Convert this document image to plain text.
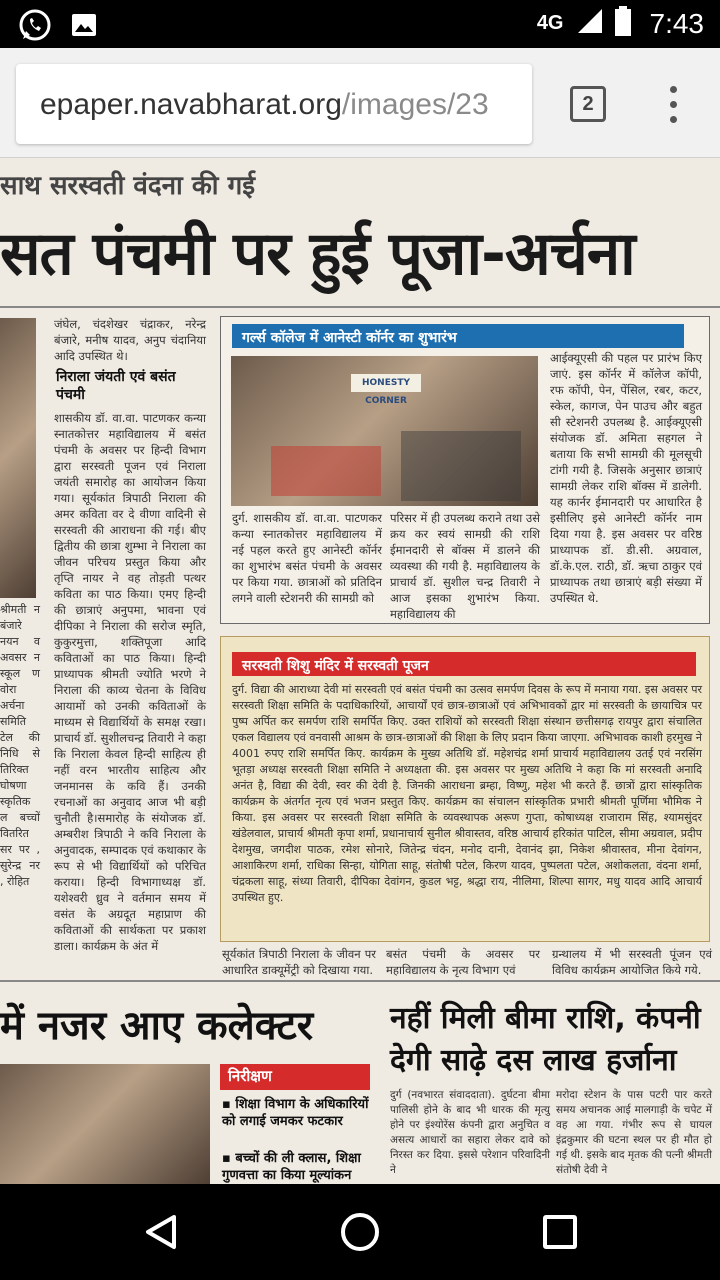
4G	7:43
epaper.navabharat.org/images/23	2
साथ सरस्वती वंदना की गई
सत पंचमी पर हुई पूजा-अर्चना
श्रीमती न बंजारे नयन व अवसर न स्कूल ण वोरा अर्चना समिति टेल की निधि से तिरिक्त घोषणा स्कृतिक ल बच्चों वितरित सर पर , सुरेन्द्र नर , रोहित
जंघेल, चंदशेखर चंद्राकर, नरेन्द्र बंजारे, मनीष यादव, अनुप चंदानिया आदि उपस्थित थे।
निराला जंयती एवं बसंत पंचमी
शासकीय डॉ. वा.वा. पाटणकर कन्या स्नातकोत्तर महाविद्यालय में बसंत पंचमी के अवसर पर हिन्दी विभाग द्वारा सरस्वती पूजन एवं निराला जयंती समारोह का आयोजन किया गया। सूर्यकांत त्रिपाठी निराला की अमर कविता वर दे वीणा वादिनी से सरस्वती की आराधना की गई। बीए द्वितीय की छात्रा शुम्भा ने निराला का जीवन परिचय प्रस्तुत किया और तृप्ति नायर ने वह तोड़ती पत्थर कविता का पाठ किया। एमए हिन्दी की छात्राएं अनुपमा, भावना एवं दीपिका ने निराला की सरोज स्मृति, कुकुरमुत्ता, शक्तिपूजा आदि कविताओं का पाठ किया। हिन्दी प्राध्यापक श्रीमती ज्योति भरणे ने निराला की काव्य चेतना के विविध आयामों को उनकी कविताओं के माध्यम से विद्यार्थियों के समक्ष रखा। प्राचार्य डॉ. सुशीलचन्द्र तिवारी ने कहा कि निराला केवल हिन्दी साहित्य ही नहीं वरन भारतीय साहित्य और जनमानस के कवि हैं। उनकी रचनाओं का अनुवाद आज भी बड़ी चुनौती है।समारोह के संयोजक डॉ. अम्बरीश त्रिपाठी ने कवि निराला के अनुवादक, सम्पादक एवं कथाकार के रूप से भी विद्यार्थियों को परिचित कराया। हिन्दी विभागाध्यक्ष डॉ. यशेश्वरी ध्रुव ने वर्तमान समय में वसंत के अग्रदूत महाप्राण की कविताओं की सार्थकता पर प्रकाश डाला। कार्यक्रम के अंत में
गर्ल्स कॉलेज में आनेस्टी कॉर्नर का शुभारंभ
HONESTY CORNER
आईक्यूएसी की पहल पर प्रारंभ किए जाएं. इस कॉर्नर में कॉलेज कॉपी, रफ कॉपी, पेन, पेंसिल, रबर, कटर, स्केल, कागज, पेन पाउच और बहुत सी स्टेशनरी उपलब्ध है. आईक्यूएसी संयोजक डॉ. अमिता सहगल ने बताया कि सभी सामग्री की मूलसूची टांगी गयी है. जिसके अनुसार छात्राएं सामग्री लेकर राशि बॉक्स में डालेगी. यह कार्नर ईमानदारी पर आधारित है इसीलिए इसे आनेस्टी कॉर्नर नाम दिया गया है. इस अवसर पर वरिष्ठ प्राध्यापक डॉ. डी.सी. अग्रवाल, डॉ.के.एल. राठी, डॉ. ऋचा ठाकुर एवं प्राध्यापक तथा छात्राएं बड़ी संख्या में उपस्थित थे.
दुर्ग. शासकीय डॉ. वा.वा. पाटणकर कन्या स्नातकोत्तर महाविद्यालय में नई पहल करते हुए आनेस्टी कॉर्नर का शुभारंभ बसंत पंचमी के अवसर पर किया गया. छात्राओं को प्रतिदिन लगने वाली स्टेशनरी की सामग्री को
परिसर में ही उपलब्ध कराने तथा उसे क्रय कर स्वयं सामग्री की राशि ईमानदारी से बॉक्स में डालने की व्यवस्था की गयी है. महाविद्यालय के प्राचार्य डॉ. सुशील चन्द्र तिवारी ने आज इसका शुभारंभ किया. महाविद्यालय की
सरस्वती शिशु मंदिर में सरस्वती पूजन
दुर्ग. विद्या की आराध्या देवी मां सरस्वती एवं बसंत पंचमी का उत्सव समर्पण दिवस के रूप में मनाया गया. इस अवसर पर सरस्वती शिक्षा समिति के पदाधिकारियों, आचार्यों एवं छात्र-छात्राओं एवं अभिभावकों द्वार मां सरस्वती के छायाचित्र पर पुष्प अर्पित कर समर्पण राशि समर्पित किए. उक्त राशियों को सरस्वती शिक्षा संस्थान छत्तीसगढ़ रायपुर द्वारा संचालित एकल विद्यालय एवं वनवासी आश्रम के छात्र-छात्राओं की शिक्षा के लिए प्रदान किया जाएगा. अभिभावक काशी हरमुख ने 4001 रुपए राशि समर्पित किए. कार्यक्रम के मुख्य अतिथि डॉ. महेशचंद्र शर्मा प्राचार्य महाविद्यालय उतई एवं नरसिंग भूतड़ा अध्यक्ष सरस्वती शिक्षा समिति ने अध्यक्षता की. इस अवसर पर मुख्य अतिथि ने कहा कि मां सरस्वती अनादि अनंत है, विद्या की देवी, स्वर की देवी है. जिनकी आराधना ब्रम्हा, विष्णु, महेश भी करते हैं. छात्रों द्वारा सांस्कृतिक कार्यक्रम के अंतर्गत नृत्य एवं भजन प्रस्तुत किए. कार्यक्रम का संचालन सांस्कृतिक प्रभारी श्रीमती पूर्णिमा भौमिक ने किया. इस अवसर पर सरस्वती शिक्षा समिति के व्यवस्थापक अरूण गुप्ता, कोषाध्यक्ष राजाराम सिंह, श्यामसुंदर खंडेलवाल, प्राचार्य श्रीमती कृपा शर्मा, प्रधानाचार्य सुनील श्रीवास्तव, वरिष्ठ आचार्य हरिकांत पाटिल, सीमा अग्रवाल, प्रदीप देशमुख, जगदीश पाठक, रमेश सोनारे, जितेन्द्र चंदन, मनोद दानी, देवानंद झा, निकेश श्रीवास्तव, मीना देवांगन, आशाकिरण शर्मा, राधिका सिन्हा, योगिता साहू, संतोषी पटेल, किरण यादव, पुष्पलता पटेल, अशोकलता, वंदना शर्मा, चंद्रकला साहू, संध्या तिवारी, दीपिका देवांगन, कुडल भट्ट, श्रद्धा राय, नीलिमा, शिल्पा सागर, मधु यादव आदि आचार्य उपस्थित हुए.
सूर्यकांत त्रिपाठी निराला के जीवन पर आधारित डाक्यूमेंट्री को दिखाया गया.
बसंत पंचमी के अवसर पर महाविद्यालय के नृत्य विभाग एवं
ग्रन्थालय में भी सरस्वती पूंजन एवं विविध कार्यक्रम आयोजित किये गये.
में नजर आए कलेक्टर
निरीक्षण
▪ शिक्षा विभाग के अधिकारियों को लगाई जमकर फटकार
▪ बच्चों की ली क्लास, शिक्षा गुणवत्ता का किया मूल्यांकन
नहीं मिली बीमा राशि, कंपनी
देगी साढ़े दस लाख हर्जाना
दुर्ग (नवभारत संवाददाता). दुर्घटना बीमा पालिसी होने के बाद भी धारक की मृत्यु होने पर इंश्योरेंस कंपनी द्वारा अनुचित व असत्य आधारों का सहारा लेकर दावे को निरस्त कर दिया. इससे परेशान परिवादिनी ने
मरोदा स्टेशन के पास पटरी पार करते समय अचानक आई मालगाड़ी के चपेट में वह आ गया. गंभीर रूप से घायल इंद्रकुमार की घटना स्थल पर ही मौत हो गई थी. इसके बाद मृतक की पत्नी श्रीमती संतोषी देवी ने
